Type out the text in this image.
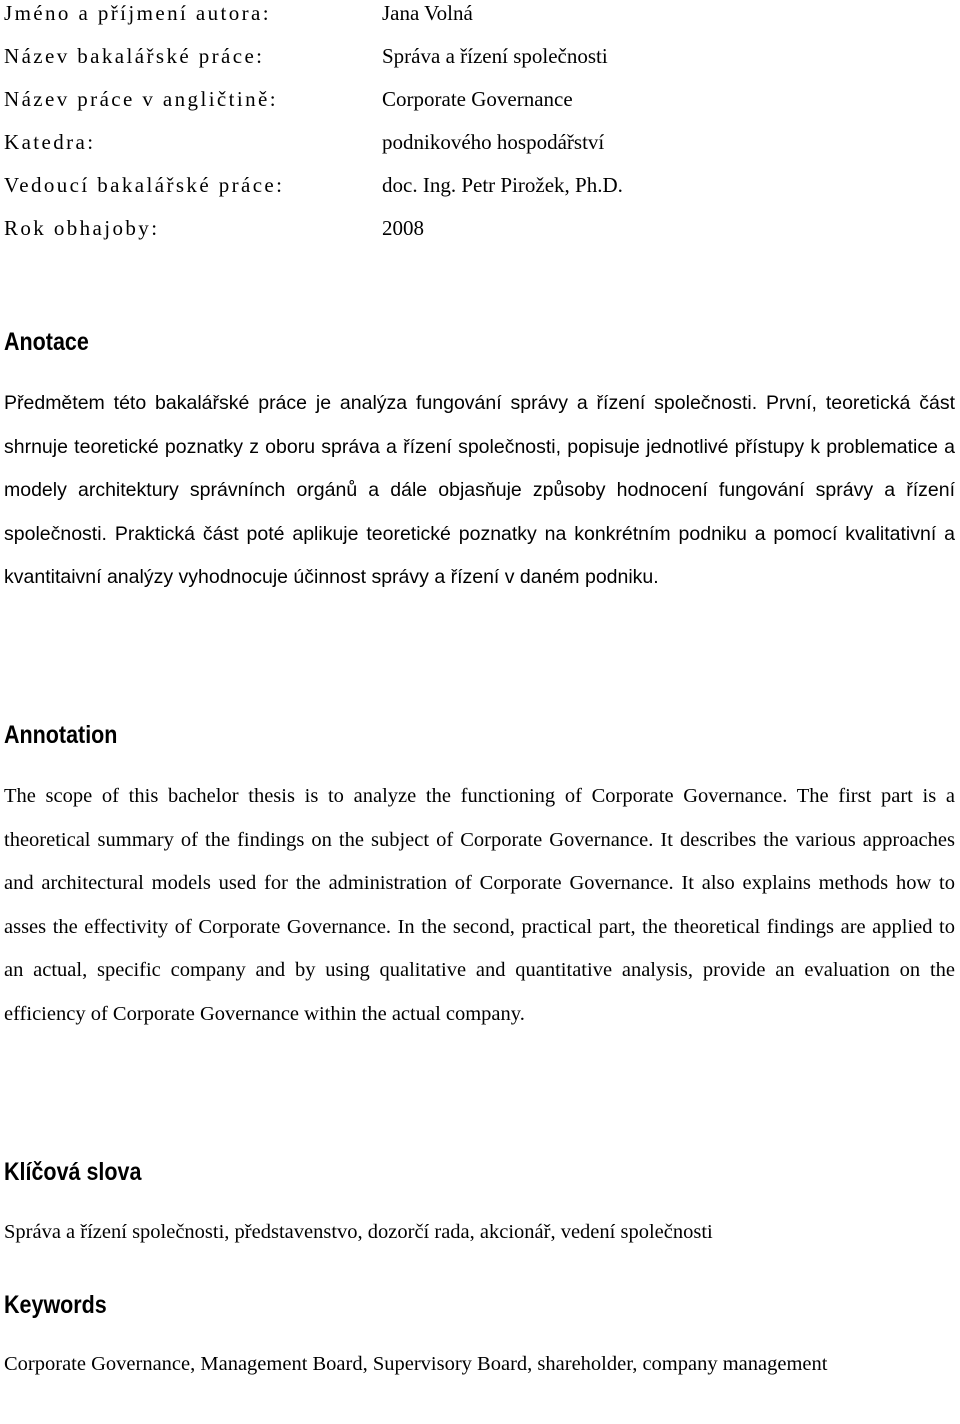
Jméno a příjmení autora:	Jana Volná
Název bakalářské práce:	Správa a řízení společnosti
Název práce v angličtině:	Corporate Governance
Katedra:	podnikového hospodářství
Vedoucí bakalářské práce:	doc. Ing. Petr Pirožek, Ph.D.
Rok obhajoby:	2008
Anotace

Předmětem této bakalářské práce je analýza fungování správy a řízení společnosti. První, teoretická část shrnuje teoretické poznatky z oboru správa a řízení společnosti, popisuje jednotlivé přístupy k problematice a modely architektury správnínch orgánů a dále objasňuje způsoby hodnocení fungování správy a řízení společnosti. Praktická část poté aplikuje teoretické poznatky na konkrétním podniku a pomocí kvalitativní a kvantitaivní analýzy vyhodnocuje účinnost správy a řízení v daném podniku.

Annotation

The scope of this bachelor thesis is to analyze the functioning of Corporate Governance. The first part is a theoretical summary of the findings on the subject of Corporate Governance. It describes the various approaches and architectural models used for the administration of Corporate Governance. It also explains methods how to asses the effectivity of Corporate Governance. In the second, practical part, the theoretical findings are applied to an actual, specific company and by using qualitative and quantitative analysis, provide an evaluation on the efficiency of Corporate Governance within the actual company.

Klíčová slova

Správa a řízení společnosti, představenstvo, dozorčí rada, akcionář, vedení společnosti

Keywords

Corporate Governance, Management Board, Supervisory Board, shareholder, company management
